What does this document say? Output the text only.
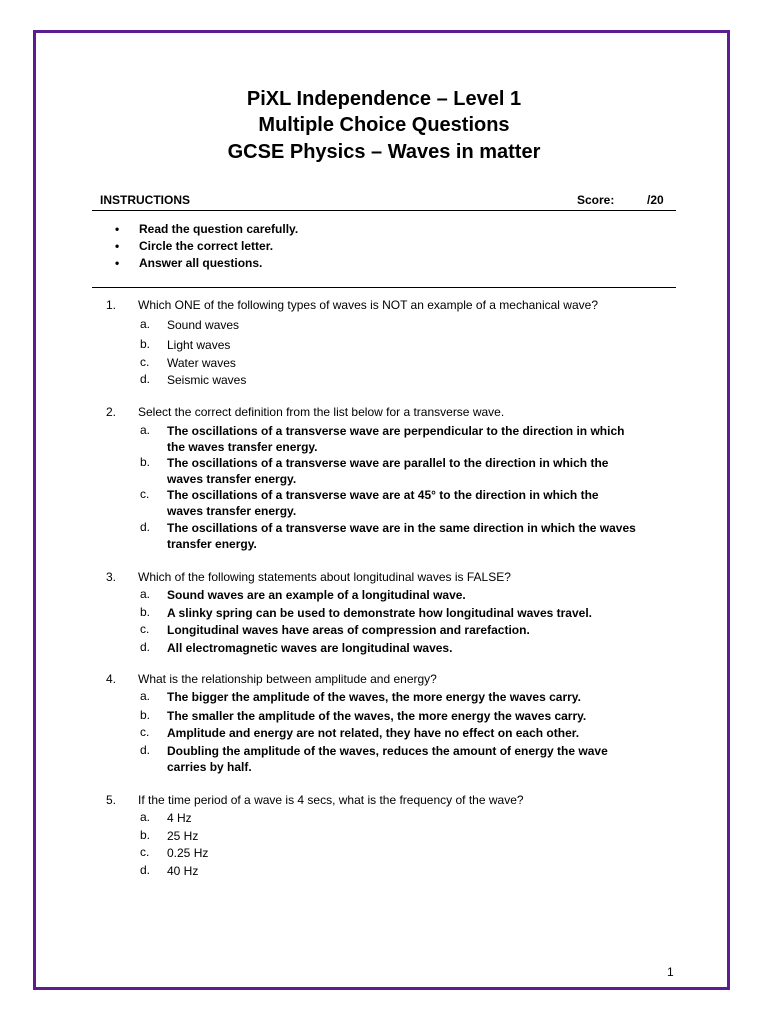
PiXL Independence – Level 1
Multiple Choice Questions
GCSE Physics – Waves in matter
INSTRUCTIONS	Score:	/20
• Read the question carefully.
• Circle the correct letter.
• Answer all questions.
1. Which ONE of the following types of waves is NOT an example of a mechanical wave?
a. Sound waves
b. Light waves
c. Water waves
d. Seismic waves
2. Select the correct definition from the list below for a transverse wave.
a. The oscillations of a transverse wave are perpendicular to the direction in which the waves transfer energy.
b. The oscillations of a transverse wave are parallel to the direction in which the waves transfer energy.
c. The oscillations of a transverse wave are at 45° to the direction in which the waves transfer energy.
d. The oscillations of a transverse wave are in the same direction in which the waves transfer energy.
3. Which of the following statements about longitudinal waves is FALSE?
a. Sound waves are an example of a longitudinal wave.
b. A slinky spring can be used to demonstrate how longitudinal waves travel.
c. Longitudinal waves have areas of compression and rarefaction.
d. All electromagnetic waves are longitudinal waves.
4. What is the relationship between amplitude and energy?
a. The bigger the amplitude of the waves, the more energy the waves carry.
b. The smaller the amplitude of the waves, the more energy the waves carry.
c. Amplitude and energy are not related, they have no effect on each other.
d. Doubling the amplitude of the waves, reduces the amount of energy the wave carries by half.
5. If the time period of a wave is 4 secs, what is the frequency of the wave?
a. 4 Hz
b. 25 Hz
c. 0.25 Hz
d. 40 Hz
1
